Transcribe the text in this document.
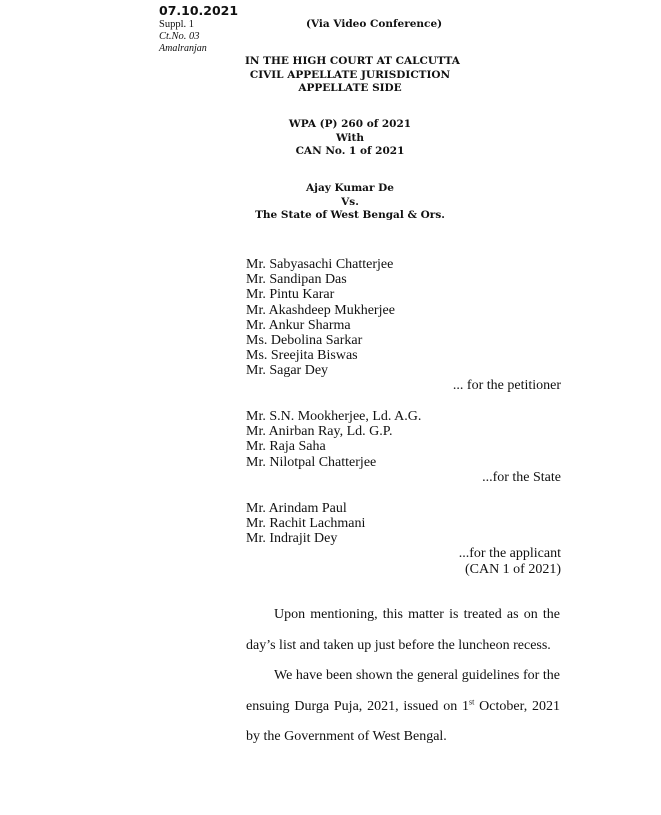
07.10.2021
Suppl. 1
Ct.No. 03
Amalranjan
(Via Video Conference)
IN THE HIGH COURT AT CALCUTTA
CIVIL APPELLATE JURISDICTION
APPELLATE SIDE
WPA (P) 260 of 2021
With
CAN No. 1 of 2021
Ajay Kumar De
Vs.
The State of West Bengal & Ors.
Mr. Sabyasachi Chatterjee
Mr. Sandipan Das
Mr. Pintu Karar
Mr. Akashdeep Mukherjee
Mr. Ankur Sharma
Ms. Debolina Sarkar
Ms. Sreejita Biswas
Mr. Sagar Dey
... for the petitioner
Mr. S.N. Mookherjee, Ld. A.G.
Mr. Anirban Ray, Ld. G.P.
Mr. Raja Saha
Mr. Nilotpal Chatterjee
...for the State
Mr. Arindam Paul
Mr. Rachit Lachmani
Mr. Indrajit Dey
...for the applicant
(CAN 1 of 2021)

Upon mentioning, this matter is treated as on the day’s list and taken up just before the luncheon recess.

We have been shown the general guidelines for the ensuing Durga Puja, 2021, issued on 1st October, 2021 by the Government of West Bengal.
